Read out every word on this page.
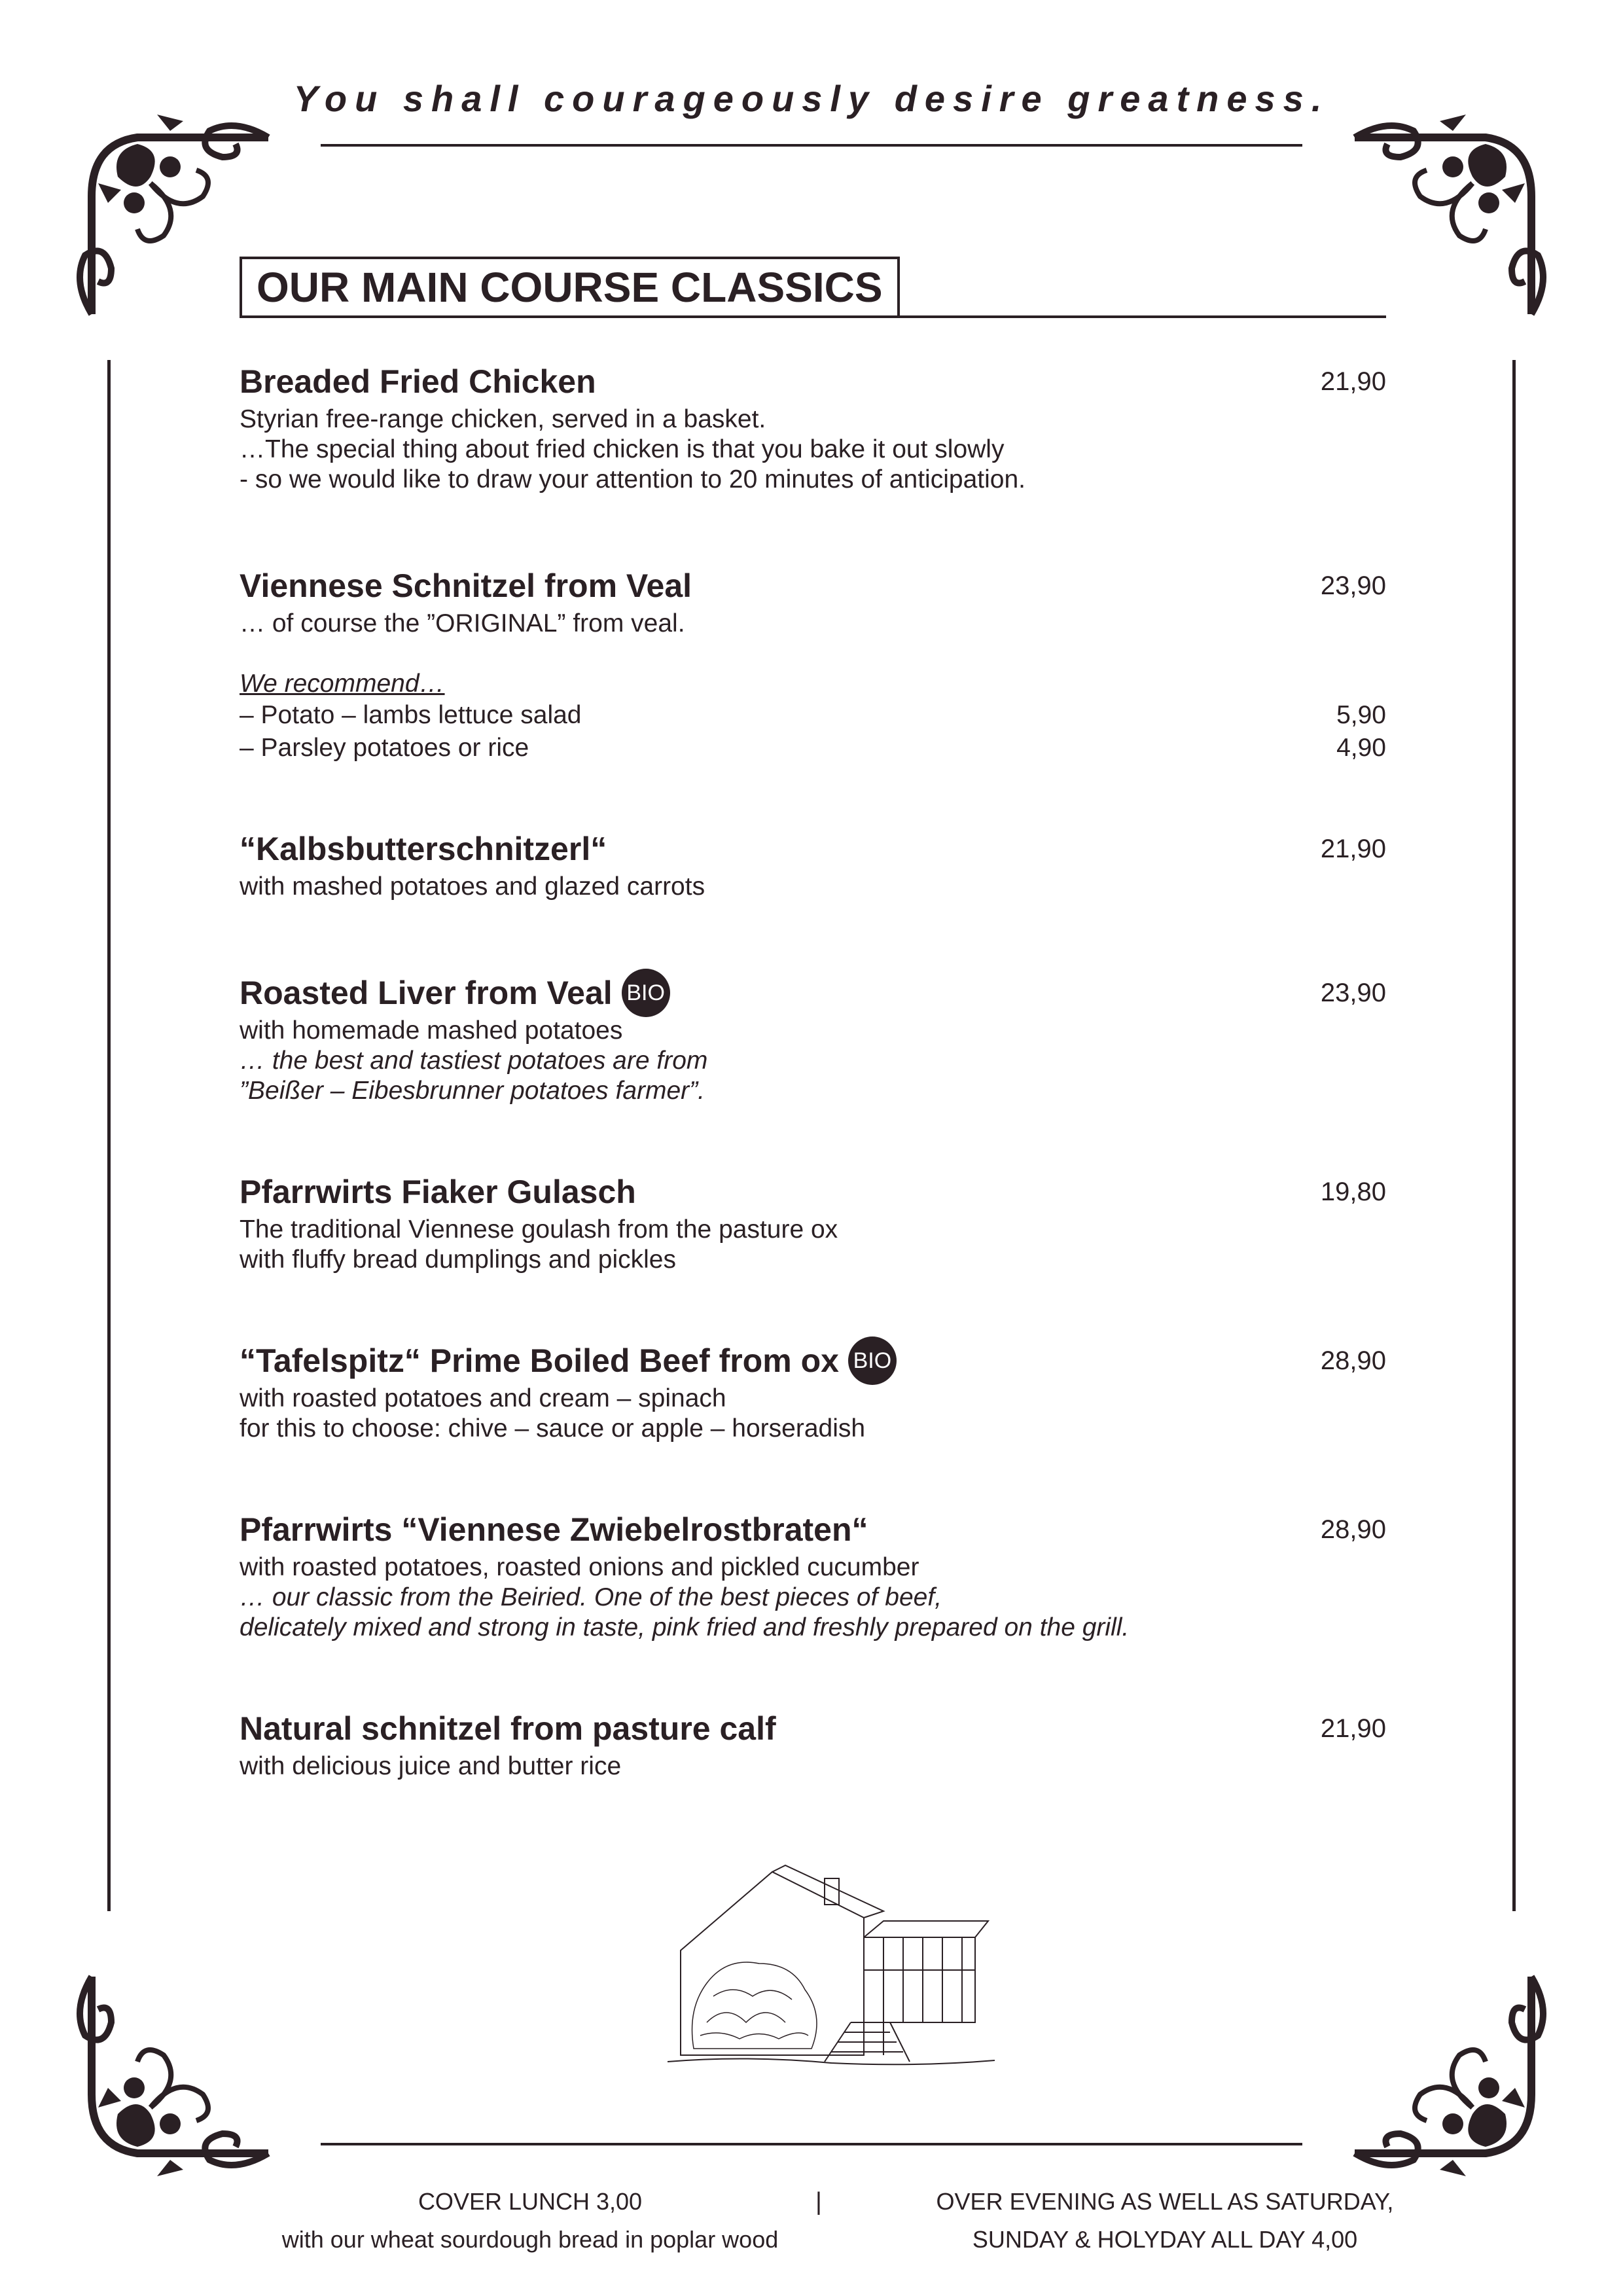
You shall courageously desire greatness.
OUR MAIN COURSE CLASSICS
Breaded Fried Chicken	21,90
Styrian free-range chicken, served in a basket.
…The special thing about fried chicken is that you bake it out slowly
- so we would like to draw your attention to 20 minutes of anticipation.
Viennese Schnitzel from Veal	23,90
… of course the ”ORIGINAL” from veal.
We recommend…
– Potato – lambs lettuce salad	5,90
– Parsley potatoes or rice	4,90
“Kalbsbutterschnitzerl“	21,90
with mashed potatoes and glazed carrots
Roasted Liver from Veal BIO	23,90
with homemade mashed potatoes
… the best and tastiest potatoes are from
”Beißer – Eibesbrunner potatoes farmer”.
Pfarrwirts Fiaker Gulasch	19,80
The traditional Viennese goulash from the pasture ox
with fluffy bread dumplings and pickles
“Tafelspitz“ Prime Boiled Beef from ox BIO	28,90
with roasted potatoes and cream – spinach
for this to choose: chive – sauce or apple – horseradish
Pfarrwirts “Viennese Zwiebelrostbraten“	28,90
with roasted potatoes, roasted onions and pickled cucumber
… our classic from the Beiried. One of the best pieces of beef,
delicately mixed and strong in taste, pink fried and freshly prepared on the grill.
Natural schnitzel from pasture calf	21,90
with delicious juice and butter rice
COVER LUNCH 3,00
with our wheat sourdough bread in poplar wood
|	OVER EVENING AS WELL AS SATURDAY,
SUNDAY & HOLYDAY ALL DAY 4,00
